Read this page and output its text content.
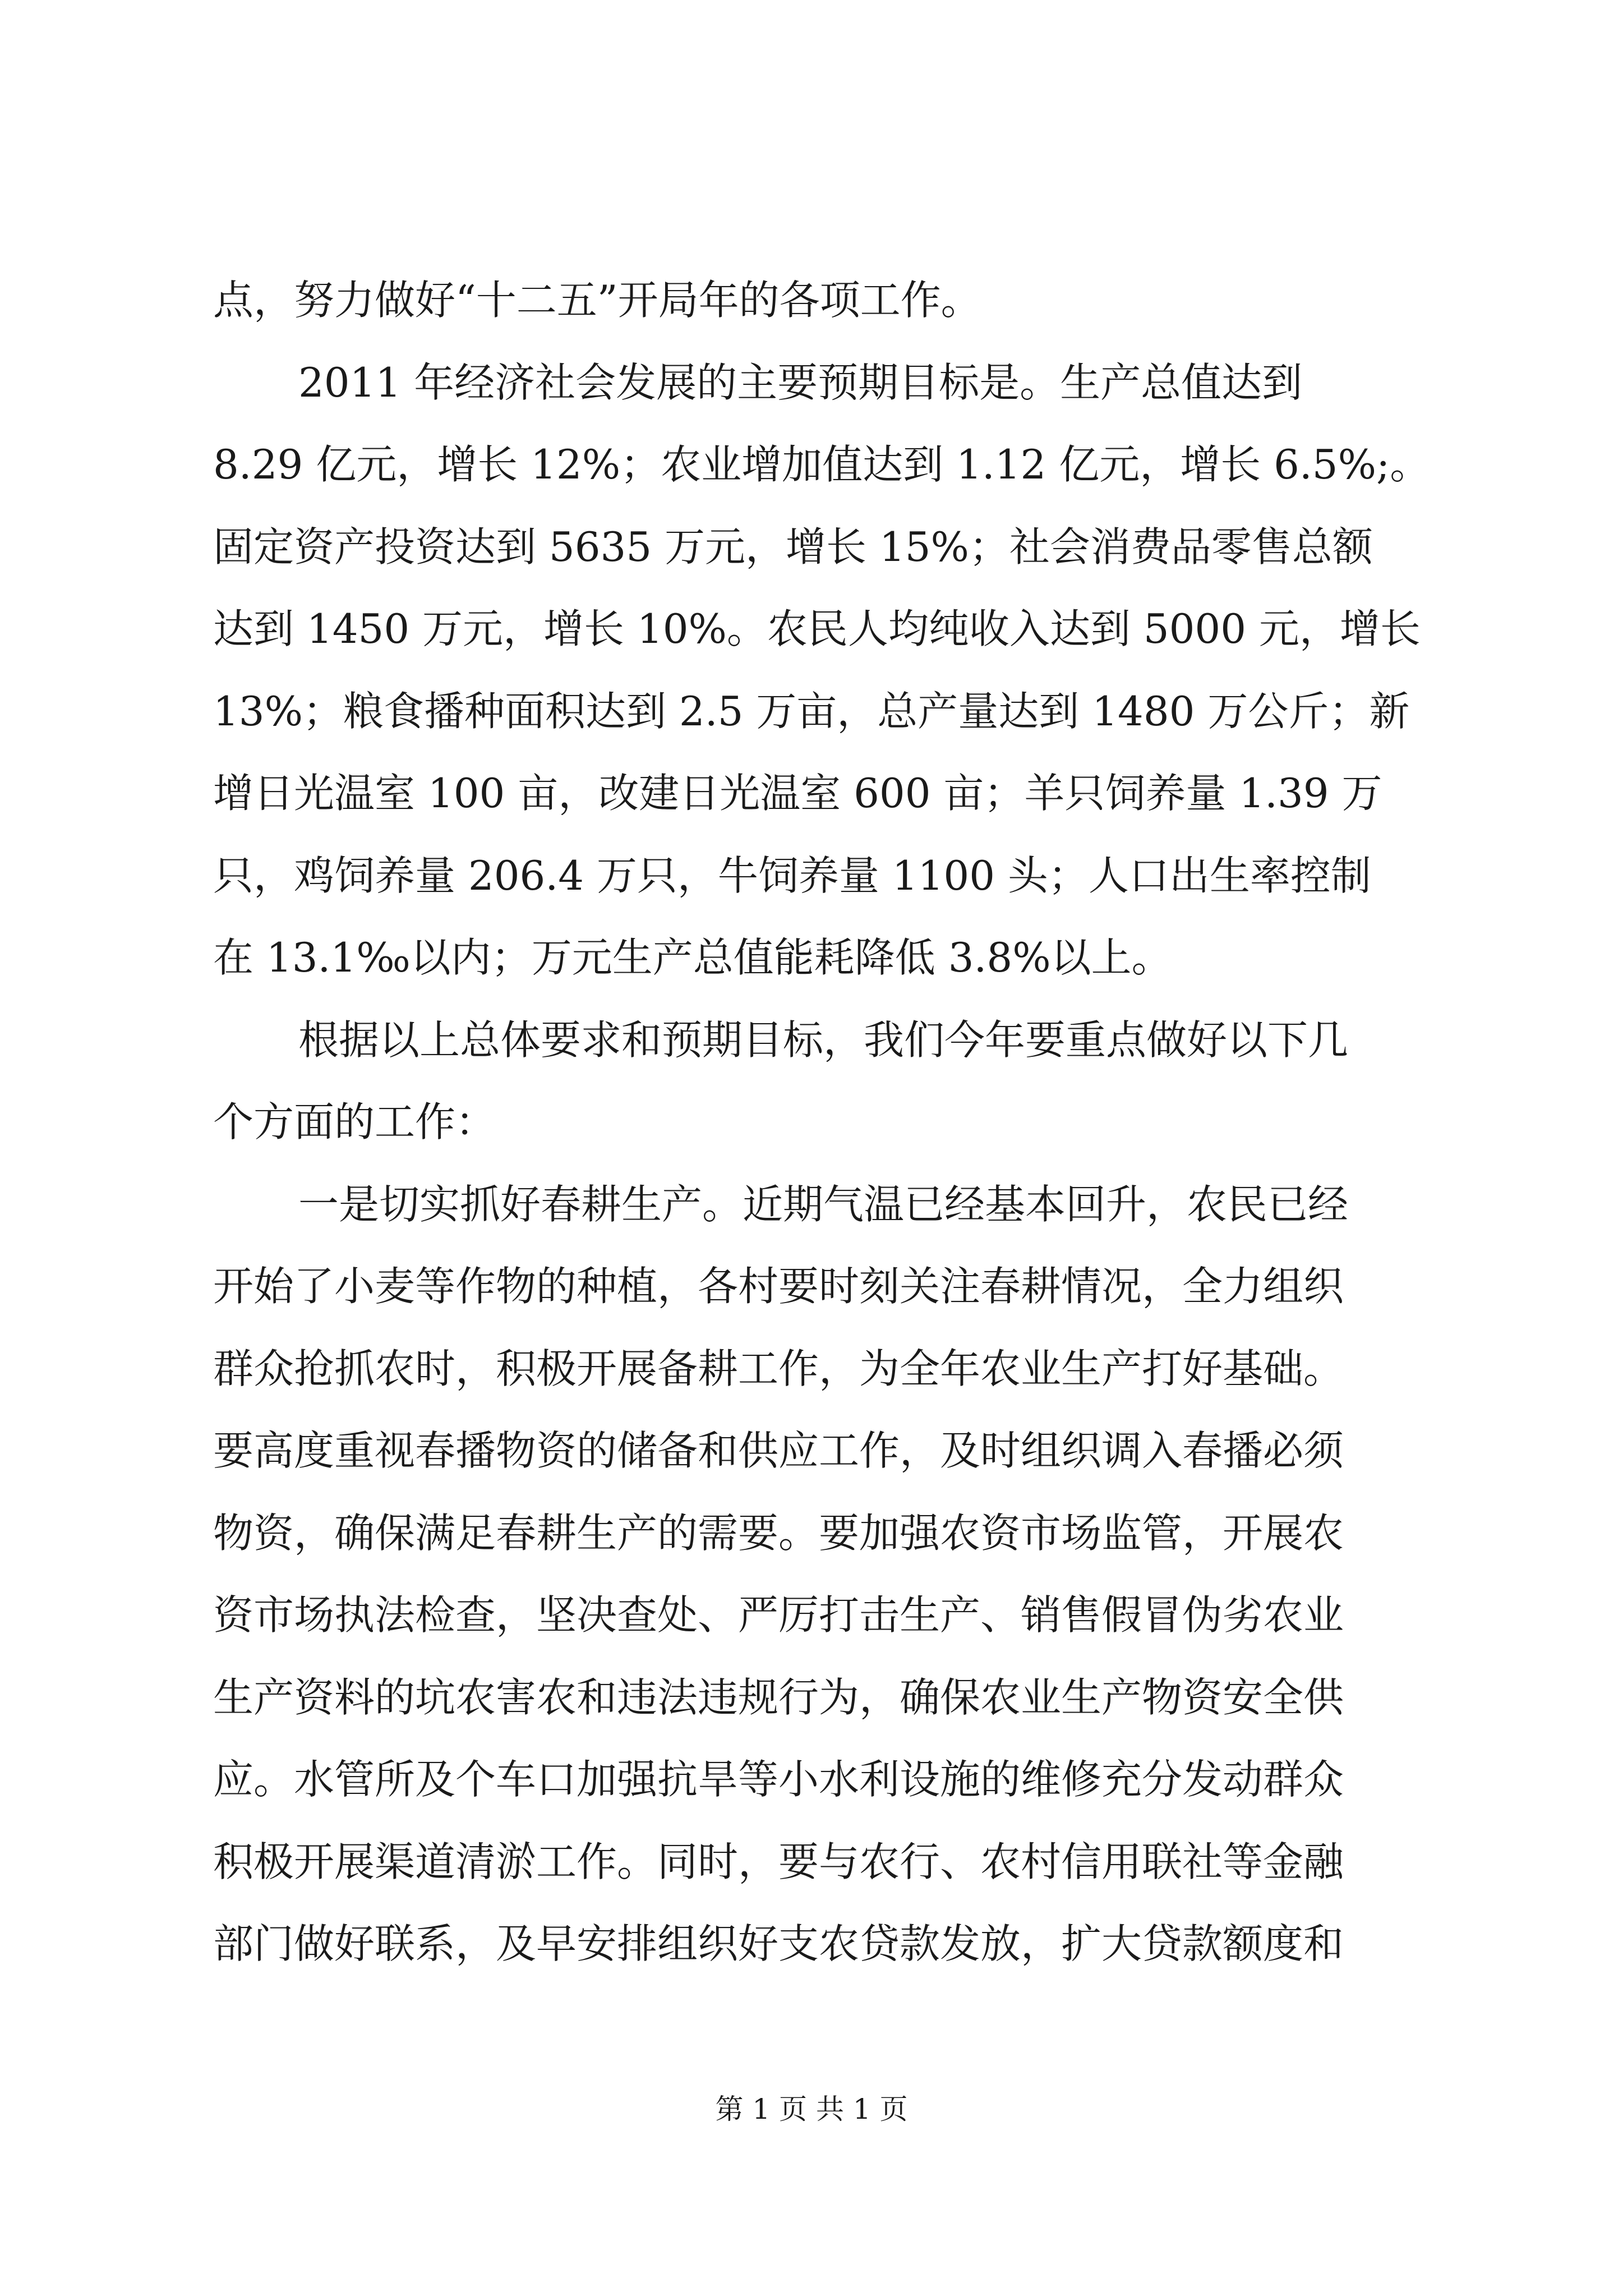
点，努力做好“十二五”开局年的各项工作。
2011 年经济社会发展的主要预期目标是。生产总值达到
8.29 亿元，增长 12%；农业增加值达到 1.12 亿元，增长 6.5%;。
固定资产投资达到 5635 万元，增长 15%；社会消费品零售总额
达到 1450 万元，增长 10%。农民人均纯收入达到 5000 元，增长
13%；粮食播种面积达到 2.5 万亩，总产量达到 1480 万公斤；新
增日光温室 100 亩，改建日光温室 600 亩；羊只饲养量 1.39 万
只，鸡饲养量 206.4 万只，牛饲养量 1100 头；人口出生率控制
在 13.1‰以内；万元生产总值能耗降低 3.8%以上。
根据以上总体要求和预期目标，我们今年要重点做好以下几
个方面的工作：
一是切实抓好春耕生产。近期气温已经基本回升，农民已经
开始了小麦等作物的种植，各村要时刻关注春耕情况，全力组织
群众抢抓农时，积极开展备耕工作，为全年农业生产打好基础。
要高度重视春播物资的储备和供应工作，及时组织调入春播必须
物资，确保满足春耕生产的需要。要加强农资市场监管，开展农
资市场执法检查，坚决查处、严厉打击生产、销售假冒伪劣农业
生产资料的坑农害农和违法违规行为，确保农业生产物资安全供
应。水管所及个车口加强抗旱等小水利设施的维修充分发动群众
积极开展渠道清淤工作。同时，要与农行、农村信用联社等金融
部门做好联系，及早安排组织好支农贷款发放，扩大贷款额度和
第 1 页 共 1 页
